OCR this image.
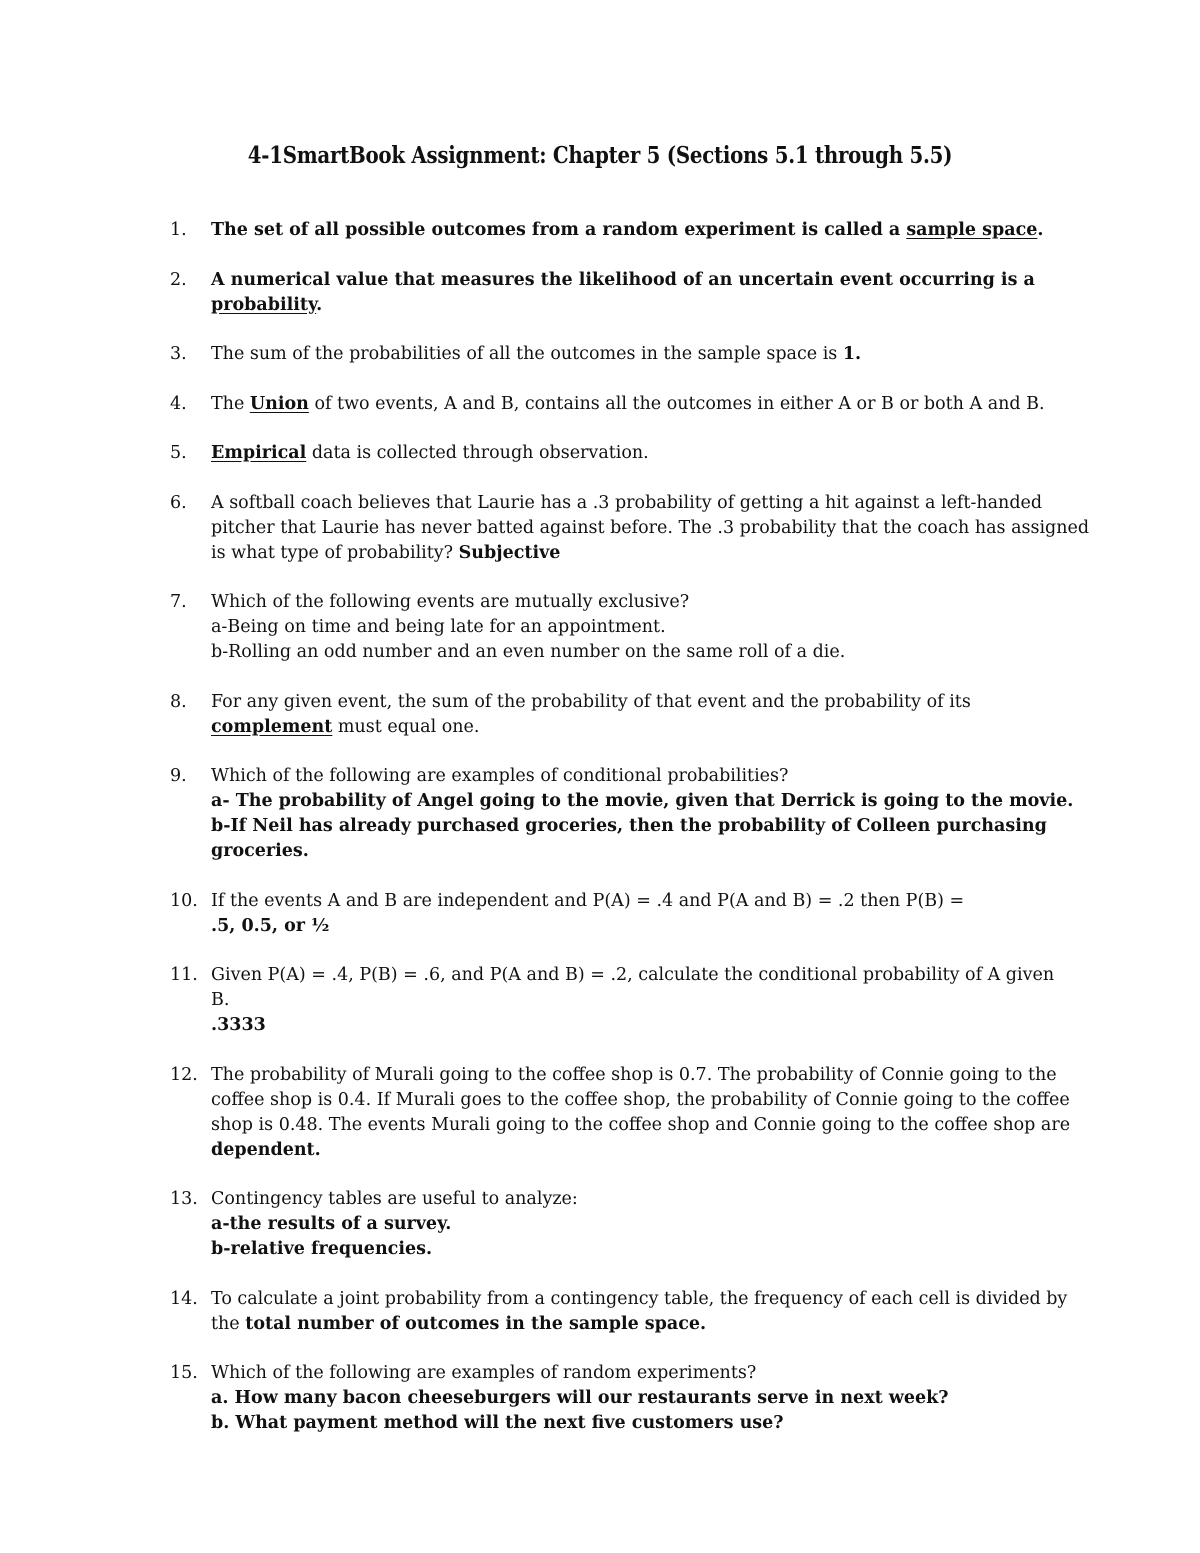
4-1SmartBook Assignment: Chapter 5 (Sections 5.1 through 5.5)
1.	The set of all possible outcomes from a random experiment is called a sample space.
2.	A numerical value that measures the likelihood of an uncertain event occurring is a
probability.
3.	The sum of the probabilities of all the outcomes in the sample space is 1.
4.	The Union of two events, A and B, contains all the outcomes in either A or B or both A and B.
5.	Empirical data is collected through observation.
6.	A softball coach believes that Laurie has a .3 probability of getting a hit against a left-handed
pitcher that Laurie has never batted against before. The .3 probability that the coach has assigned
is what type of probability? Subjective
7.	Which of the following events are mutually exclusive?
a-Being on time and being late for an appointment.
b-Rolling an odd number and an even number on the same roll of a die.
8.	For any given event, the sum of the probability of that event and the probability of its
complement must equal one.
9.	Which of the following are examples of conditional probabilities?
a- The probability of Angel going to the movie, given that Derrick is going to the movie.
b-If Neil has already purchased groceries, then the probability of Colleen purchasing
groceries.
10. If the events A and B are independent and P(A) = .4 and P(A and B) = .2 then P(B) =
.5, 0.5, or ½
11. Given P(A) = .4, P(B) = .6, and P(A and B) = .2, calculate the conditional probability of A given
B.
.3333
12. The probability of Murali going to the coffee shop is 0.7. The probability of Connie going to the
coffee shop is 0.4. If Murali goes to the coffee shop, the probability of Connie going to the coffee
shop is 0.48. The events Murali going to the coffee shop and Connie going to the coffee shop are
dependent.
13. Contingency tables are useful to analyze:
a-the results of a survey.
b-relative frequencies.
14. To calculate a joint probability from a contingency table, the frequency of each cell is divided by
the total number of outcomes in the sample space.
15. Which of the following are examples of random experiments?
a. How many bacon cheeseburgers will our restaurants serve in next week?
b. What payment method will the next five customers use?
